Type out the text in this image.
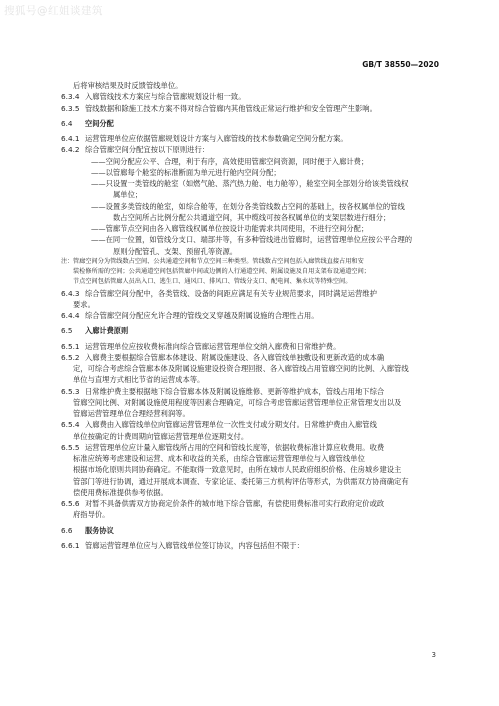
搜狐号@红姐谈建筑
GB/T 38550—2020
后将审核结果及时反馈管线单位。
6.3.4 入廊管线技术方案应与综合管廊规划设计相一致。
6.3.5 管线数据和除施工技术方案不得对综合管廊内其他管线正常运行维护和安全管理产生影响。
6.4 空间分配
6.4.1 运营管理单位应依据管廊规划设计方案与入廊管线的技术参数确定空间分配方案。
6.4.2 综合管廊空间分配宜按以下原则进行：
——空间分配应公平、合理，利于有序，高效使用管廊空间资源，同时便于入廊计费；
——以管廊每个舱室的标准断面为单元进行舱内空间分配；
——只设置一类管线的舱室（如燃气舱、蒸汽热力舱、电力舱等），舱室空间全部划分给该类管线权
属单位；
——设置多类管线的舱室，如综合舱等，在划分各类管线数占空间的基础上，按各权属单位的管线
数占空间所占比例分配公共通道空间，其中缆线可按各权属单位的支架层数进行细分；
——管廊节点空间由各入廊管线权属单位按设计功能需求共同使用，不进行空间分配；
——在同一位置，如管线分支口、端部井等，有多种管线进出管廊时，运营管理单位应按公平合理的
原则分配管孔、支架、预留孔等资源。
注：管廊空间分为管线数占空间、公共通道空间和节点空间三种类型。管线数占空间包括入廊管线直接占用和安
装检修所需的空间；公共通道空间包括管廊中间或边侧的人行通道空间、附属设施及自用支架布设通道空间；
节点空间包括管廊人员出入口、逃生口、通风口、排风口、管线分支口、配电间、集水坑等特殊空间。
6.4.3 综合管廊空间分配中，各类管线、设备的间距应满足有关专业规范要求，同时满足运营维护
要求。
6.4.4 综合管廊空间分配应允许合理的管线交叉穿越及附属设施的合理性占用。
6.5 入廊计费原则
6.5.1 运营管理单位应按收费标准向综合管廊运营管理单位交纳入廊费和日常维护费。
6.5.2 入廊费主要根据综合管廊本体建设、附属设施建设、各入廊管线单独敷设和更新改造的成本确
定，可综合考虑综合管廊本体及附属设施建设投资合理回报、各入廊管线占用管廊空间的比例、入廊管线
单位与直埋方式相比节省的运营成本等。
6.5.3 日常维护费主要根据地下综合管廊本体及附属设施维修、更新等维护成本，管线占用地下综合
管廊空间比例、对附属设施使用程度等因素合理确定，可综合考虑管廊运营管理单位正常管理支出以及
管廊运营管理单位合理经营利润等。
6.5.4 入廊费由入廊管线单位向管廊运营管理单位一次性支付或分期支付。日常维护费由入廊管线
单位按确定的计费周期向管廊运营管理单位逐期支付。
6.5.5 运营管理单位应计量入廊管线所占用的空间和管线长度等，依据收费标准计算应收费用。收费
标准应统筹考虑建设和运营、成本和收益的关系，由综合管廊运营管理单位与入廊管线单位
根据市场化原则共同协商确定。不能取得一致意见时，由所在城市人民政府组织价格、住房城乡建设主
管部门等进行协调，通过开展成本调查、专家论证、委托第三方机构评估等形式，为供需双方协商确定有
偿使用费标准提供参考依据。
6.5.6 对暂不具备供需双方协商定价条件的城市地下综合管廊，有偿使用费标准可实行政府定价或政
府指导价。
6.6 服务协议
6.6.1 管廊运营管理单位应与入廊管线单位签订协议，内容包括但不限于：
3
